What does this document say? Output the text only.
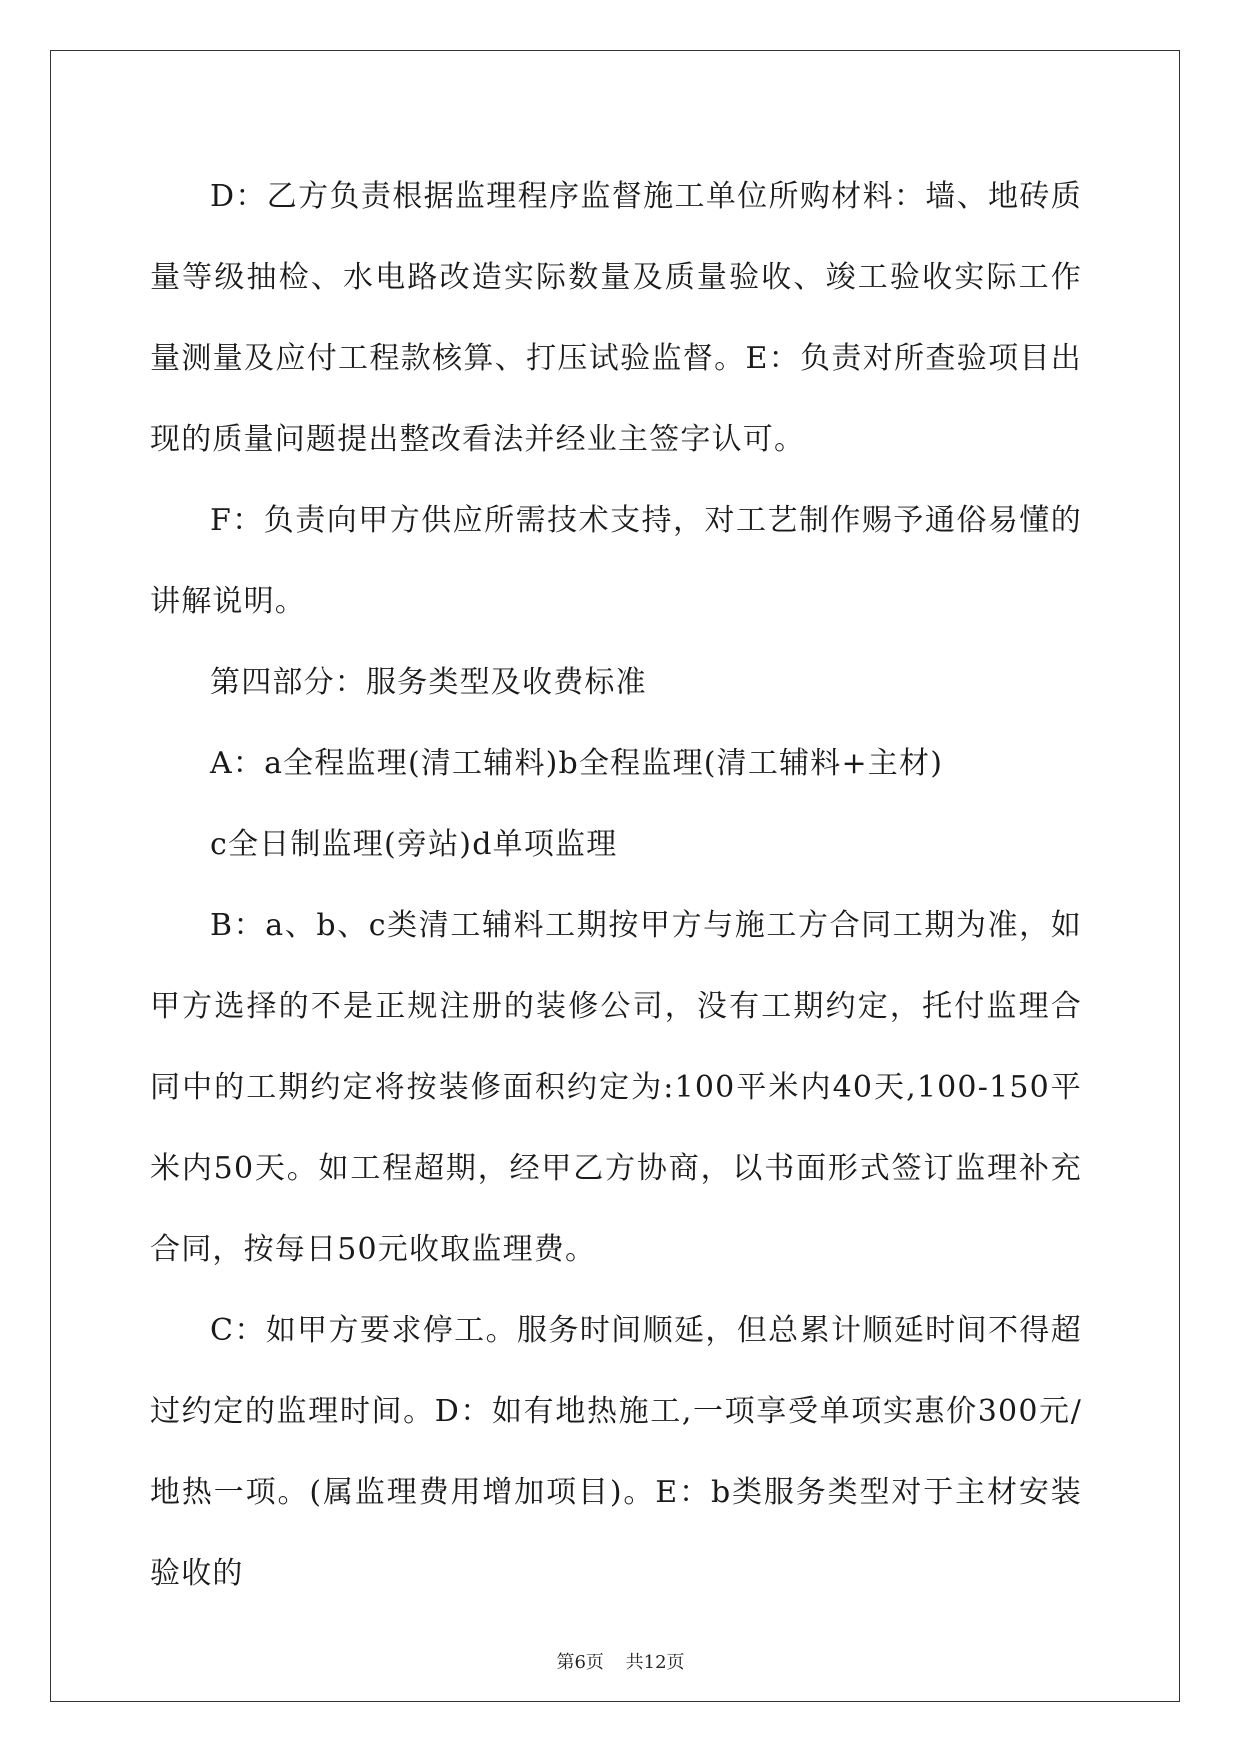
D：乙方负责根据监理程序监督施工单位所购材料：墙、地砖质量等级抽检、水电路改造实际数量及质量验收、竣工验收实际工作量测量及应付工程款核算、打压试验监督。E：负责对所查验项目出现的质量问题提出整改看法并经业主签字认可。

F：负责向甲方供应所需技术支持，对工艺制作赐予通俗易懂的讲解说明。

第四部分：服务类型及收费标准

A：a全程监理(清工辅料)b全程监理(清工辅料+主材)

c全日制监理(旁站)d单项监理

B：a、b、c类清工辅料工期按甲方与施工方合同工期为准，如甲方选择的不是正规注册的装修公司，没有工期约定，托付监理合同中的工期约定将按装修面积约定为:100平米内40天,100-150平米内50天。如工程超期，经甲乙方协商，以书面形式签订监理补充合同，按每日50元收取监理费。

C：如甲方要求停工。服务时间顺延，但总累计顺延时间不得超过约定的监理时间。D：如有地热施工,一项享受单项实惠价300元/地热一项。(属监理费用增加项目)。E：b类服务类型对于主材安装验收的

第6页 共12页
